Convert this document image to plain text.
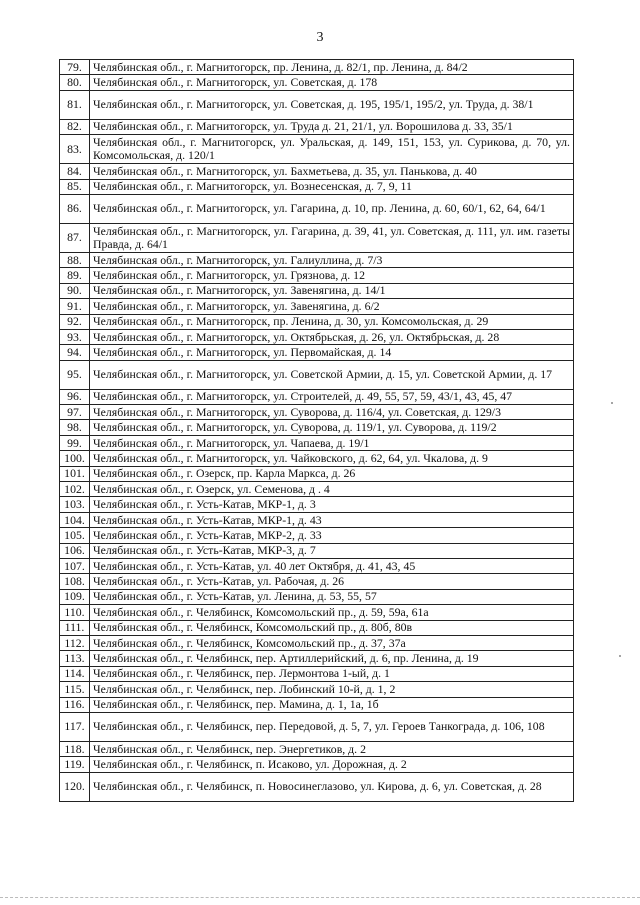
3
79.	Челябинская обл., г. Магнитогорск, пр. Ленина, д. 82/1, пр. Ленина, д. 84/2
80.	Челябинская обл., г. Магнитогорск, ул. Советская, д. 178
81.	Челябинская обл., г. Магнитогорск, ул. Советская, д. 195, 195/1, 195/2, ул. Труда, д. 38/1
82.	Челябинская обл., г. Магнитогорск, ул. Труда д. 21, 21/1, ул. Ворошилова д. 33, 35/1
83.	Челябинская обл., г. Магнитогорск, ул. Уральская, д. 149, 151, 153, ул. Сурикова, д. 70, ул. Комсомольская, д. 120/1
84.	Челябинская обл., г. Магнитогорск, ул. Бахметьева, д. 35, ул. Панькова, д. 40
85.	Челябинская обл., г. Магнитогорск, ул. Вознесенская, д. 7, 9, 11
86.	Челябинская обл., г. Магнитогорск, ул. Гагарина, д. 10, пр. Ленина, д. 60, 60/1, 62, 64, 64/1
87.	Челябинская обл., г. Магнитогорск, ул. Гагарина, д. 39, 41, ул. Советская, д. 111, ул. им. газеты Правда, д. 64/1
88.	Челябинская обл., г. Магнитогорск, ул. Галиуллина, д. 7/3
89.	Челябинская обл., г. Магнитогорск, ул. Грязнова, д. 12
90.	Челябинская обл., г. Магнитогорск, ул. Завенягина, д. 14/1
91.	Челябинская обл., г. Магнитогорск, ул. Завенягина, д. 6/2
92.	Челябинская обл., г. Магнитогорск, пр. Ленина, д. 30, ул. Комсомольская, д. 29
93.	Челябинская обл., г. Магнитогорск, ул. Октябрьская, д. 26, ул. Октябрьская, д. 28
94.	Челябинская обл., г. Магнитогорск, ул. Первомайская, д. 14
95.	Челябинская обл., г. Магнитогорск, ул. Советской Армии, д. 15, ул. Советской Армии, д. 17
96.	Челябинская обл., г. Магнитогорск, ул. Строителей, д. 49, 55, 57, 59, 43/1, 43, 45, 47
97.	Челябинская обл., г. Магнитогорск, ул. Суворова, д. 116/4, ул. Советская, д. 129/3
98.	Челябинская обл., г. Магнитогорск, ул. Суворова, д. 119/1, ул. Суворова, д. 119/2
99.	Челябинская обл., г. Магнитогорск, ул. Чапаева, д. 19/1
100.	Челябинская обл., г. Магнитогорск, ул. Чайковского, д. 62, 64, ул. Чкалова, д. 9
101.	Челябинская обл., г. Озерск, пр. Карла Маркса, д. 26
102.	Челябинская обл., г. Озерск, ул. Семенова, д . 4
103.	Челябинская обл., г. Усть-Катав, МКР-1, д. 3
104.	Челябинская обл., г. Усть-Катав, МКР-1, д. 43
105.	Челябинская обл., г. Усть-Катав, МКР-2, д. 33
106.	Челябинская обл., г. Усть-Катав, МКР-3, д. 7
107.	Челябинская обл., г. Усть-Катав, ул. 40 лет Октября, д. 41, 43, 45
108.	Челябинская обл., г. Усть-Катав, ул. Рабочая, д. 26
109.	Челябинская обл., г. Усть-Катав, ул. Ленина, д. 53, 55, 57
110.	Челябинская обл., г. Челябинск, Комсомольский пр., д. 59, 59а, 61а
111.	Челябинская обл., г. Челябинск, Комсомольский пр., д. 80б, 80в
112.	Челябинская обл., г. Челябинск, Комсомольский пр., д. 37, 37а
113.	Челябинская обл., г. Челябинск, пер. Артиллерийский, д. 6, пр. Ленина, д. 19
114.	Челябинская обл., г. Челябинск, пер. Лермонтова 1-ый, д. 1
115.	Челябинская обл., г. Челябинск, пер. Лобинский 10-й, д. 1, 2
116.	Челябинская обл., г. Челябинск, пер. Мамина, д. 1, 1а, 1б
117.	Челябинская обл., г. Челябинск, пер. Передовой, д. 5, 7, ул. Героев Танкограда, д. 106, 108
118.	Челябинская обл., г. Челябинск, пер. Энергетиков, д. 2
119.	Челябинская обл., г. Челябинск, п. Исаково, ул. Дорожная, д. 2
120.	Челябинская обл., г. Челябинск, п. Новосинеглазово, ул. Кирова, д. 6, ул. Советская, д. 28
